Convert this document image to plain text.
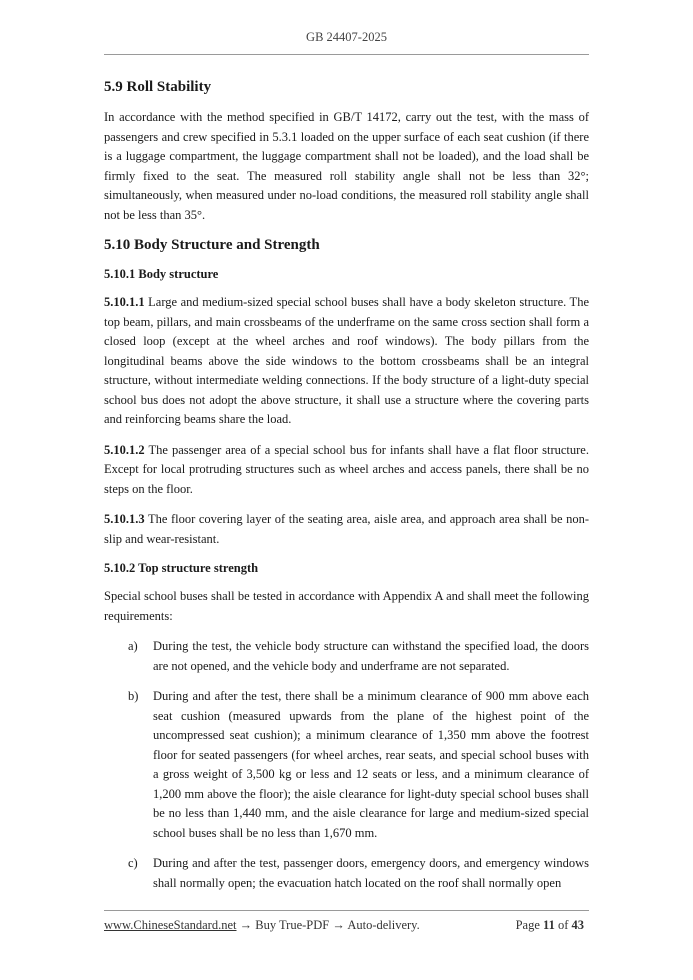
GB 24407-2025
5.9 Roll Stability

In accordance with the method specified in GB/T 14172, carry out the test, with the mass of passengers and crew specified in 5.3.1 loaded on the upper surface of each seat cushion (if there is a luggage compartment, the luggage compartment shall not be loaded), and the load shall be firmly fixed to the seat. The measured roll stability angle shall not be less than 32°; simultaneously, when measured under no-load conditions, the measured roll stability angle shall not be less than 35°.

5.10 Body Structure and Strength
5.10.1 Body structure

5.10.1.1 Large and medium-sized special school buses shall have a body skeleton structure. The top beam, pillars, and main crossbeams of the underframe on the same cross section shall form a closed loop (except at the wheel arches and roof windows). The body pillars from the longitudinal beams above the side windows to the bottom crossbeams shall be an integral structure, without intermediate welding connections. If the body structure of a light-duty special school bus does not adopt the above structure, it shall use a structure where the covering parts and reinforcing beams share the load.

5.10.1.2 The passenger area of a special school bus for infants shall have a flat floor structure. Except for local protruding structures such as wheel arches and access panels, there shall be no steps on the floor.

5.10.1.3 The floor covering layer of the seating area, aisle area, and approach area shall be non-slip and wear-resistant.

5.10.2 Top structure strength

Special school buses shall be tested in accordance with Appendix A and shall meet the following requirements:

a) During the test, the vehicle body structure can withstand the specified load, the doors are not opened, and the vehicle body and underframe are not separated.

b) During and after the test, there shall be a minimum clearance of 900 mm above each seat cushion (measured upwards from the plane of the highest point of the uncompressed seat cushion); a minimum clearance of 1,350 mm above the footrest floor for seated passengers (for wheel arches, rear seats, and special school buses with a gross weight of 3,500 kg or less and 12 seats or less, and a minimum clearance of 1,200 mm above the floor); the aisle clearance for light-duty special school buses shall be no less than 1,440 mm, and the aisle clearance for large and medium-sized special school buses shall be no less than 1,670 mm.

c) During and after the test, passenger doors, emergency doors, and emergency windows shall normally open; the evacuation hatch located on the roof shall normally open

www.ChineseStandard.net → Buy True-PDF → Auto-delivery.	Page 11 of 43
